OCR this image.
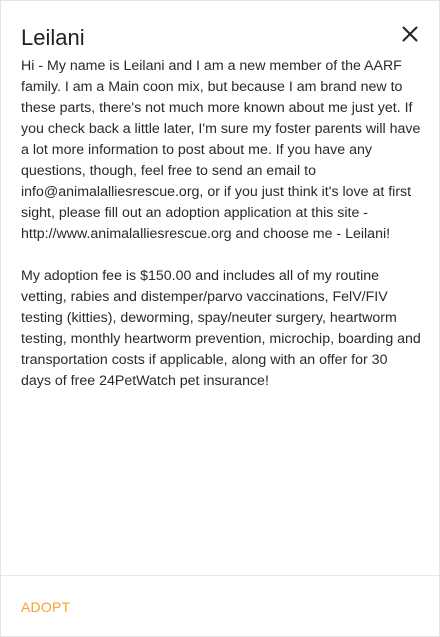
Leilani

Hi - My name is Leilani and I am a new member of the AARF family. I am a Main coon mix, but because I am brand new to these parts, there's not much more known about me just yet. If you check back a little later, I'm sure my foster parents will have a lot more information to post about me. If you have any questions, though, feel free to send an email to info@animalalliesrescue.org, or if you just think it's love at first sight, please fill out an adoption application at this site - http://www.animalalliesrescue.org and choose me - Leilani!

My adoption fee is $150.00 and includes all of my routine vetting, rabies and distemper/parvo vaccinations, FelV/FIV testing (kitties), deworming, spay/neuter surgery, heartworm testing, monthly heartworm prevention, microchip, boarding and transportation costs if applicable, along with an offer for 30 days of free 24PetWatch pet insurance!

ADOPT
